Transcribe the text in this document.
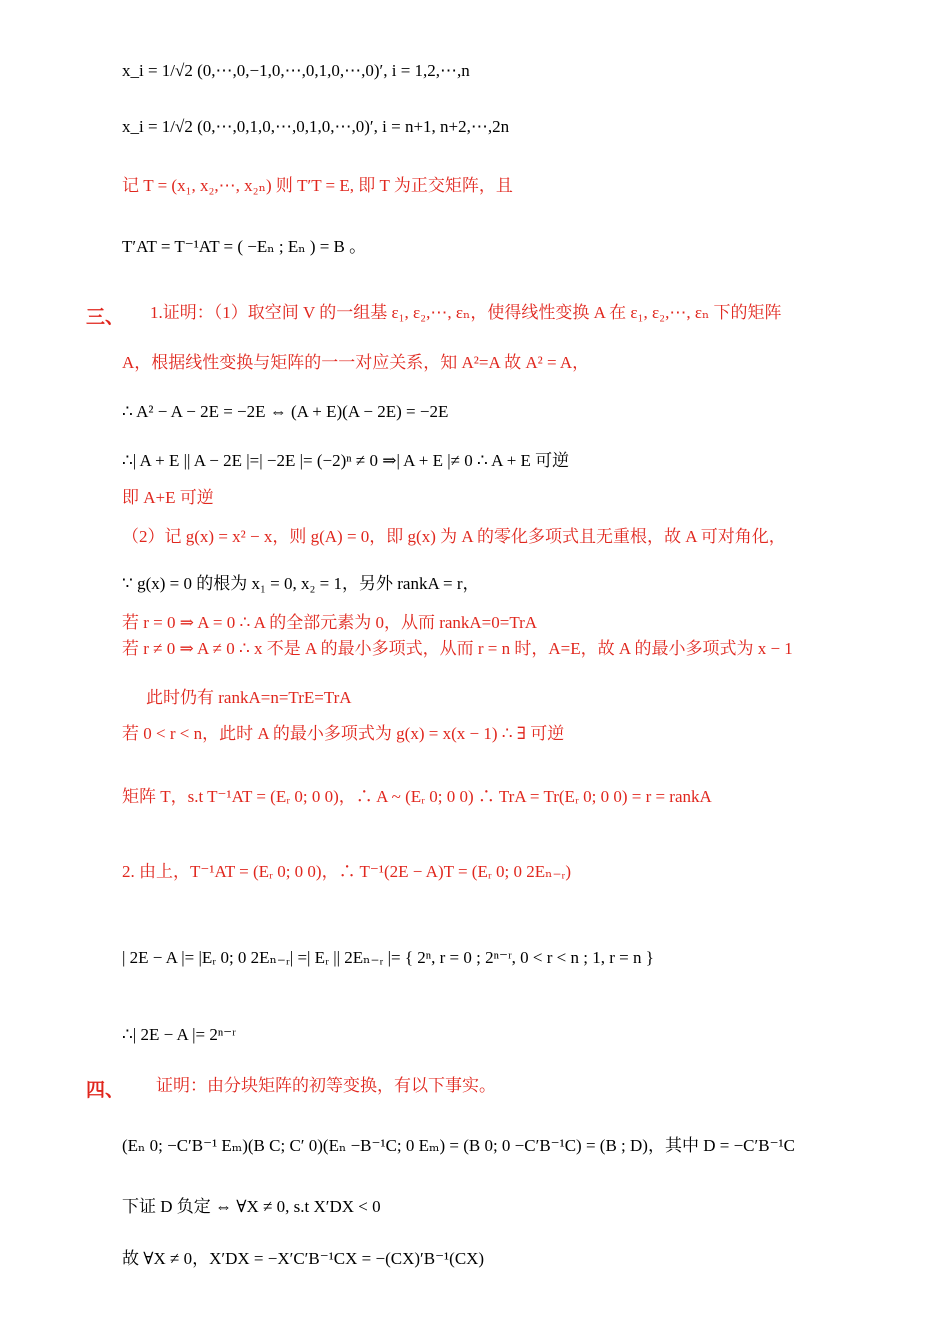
三、
四、
x_i = 1/√2 (0,⋯,0,−1,0,⋯,0,1,0,⋯,0)′, i = 1,2,⋯,n
x_i = 1/√2 (0,⋯,0,1,0,⋯,0,1,0,⋯,0)′, i = n+1, n+2,⋯,2n
记 T = (x₁, x₂,⋯, x₂ₙ) 则 T′T = E, 即 T 为正交矩阵，且
T′AT = T⁻¹AT = ( −Eₙ ; Eₙ ) = B 。
1.证明：（1）取空间 V 的一组基 ε₁, ε₂,⋯, εₙ，使得线性变换 A 在 ε₁, ε₂,⋯, εₙ 下的矩阵
A，根据线性变换与矩阵的一一对应关系，知 A²=A 故 A² = A，
∴ A² − A − 2E = −2E ⇔ (A + E)(A − 2E) = −2E
∴| A + E || A − 2E |=| −2E |= (−2)ⁿ ≠ 0 ⇒| A + E |≠ 0 ∴ A + E 可逆
即 A+E 可逆
（2）记 g(x) = x² − x，则 g(A) = 0，即 g(x) 为 A 的零化多项式且无重根，故 A 可对角化，
∵ g(x) = 0 的根为 x₁ = 0, x₂ = 1，另外 rankA = r，
若 r = 0 ⇒ A = 0 ∴ A 的全部元素为 0，从而 rankA=0=TrA
若 r ≠ 0 ⇒ A ≠ 0 ∴ x 不是 A 的最小多项式，从而 r = n 时，A=E，故 A 的最小多项式为 x − 1
此时仍有 rankA=n=TrE=TrA
若 0 < r < n，此时 A 的最小多项式为 g(x) = x(x − 1) ∴ ∃ 可逆
矩阵 T，s.t T⁻¹AT = (Eᵣ 0; 0 0)，∴ A ~ (Eᵣ 0; 0 0) ∴ TrA = Tr(Eᵣ 0; 0 0) = r = rankA
2. 由上，T⁻¹AT = (Eᵣ 0; 0 0)，∴ T⁻¹(2E − A)T = (Eᵣ 0; 0 2Eₙ₋ᵣ)
| 2E − A |= |Eᵣ 0; 0 2Eₙ₋ᵣ| =| Eᵣ || 2Eₙ₋ᵣ |= { 2ⁿ, r = 0 ; 2ⁿ⁻ʳ, 0 < r < n ; 1, r = n }
∴| 2E − A |= 2ⁿ⁻ʳ
证明：由分块矩阵的初等变换，有以下事实。
(Eₙ 0; −C′B⁻¹ Eₘ)(B C; C′ 0)(Eₙ −B⁻¹C; 0 Eₘ) = (B 0; 0 −C′B⁻¹C) = (B ; D)，其中 D = −C′B⁻¹C
下证 D 负定 ⇔ ∀X ≠ 0, s.t X′DX < 0
故 ∀X ≠ 0，X′DX = −X′C′B⁻¹CX = −(CX)′B⁻¹(CX)
